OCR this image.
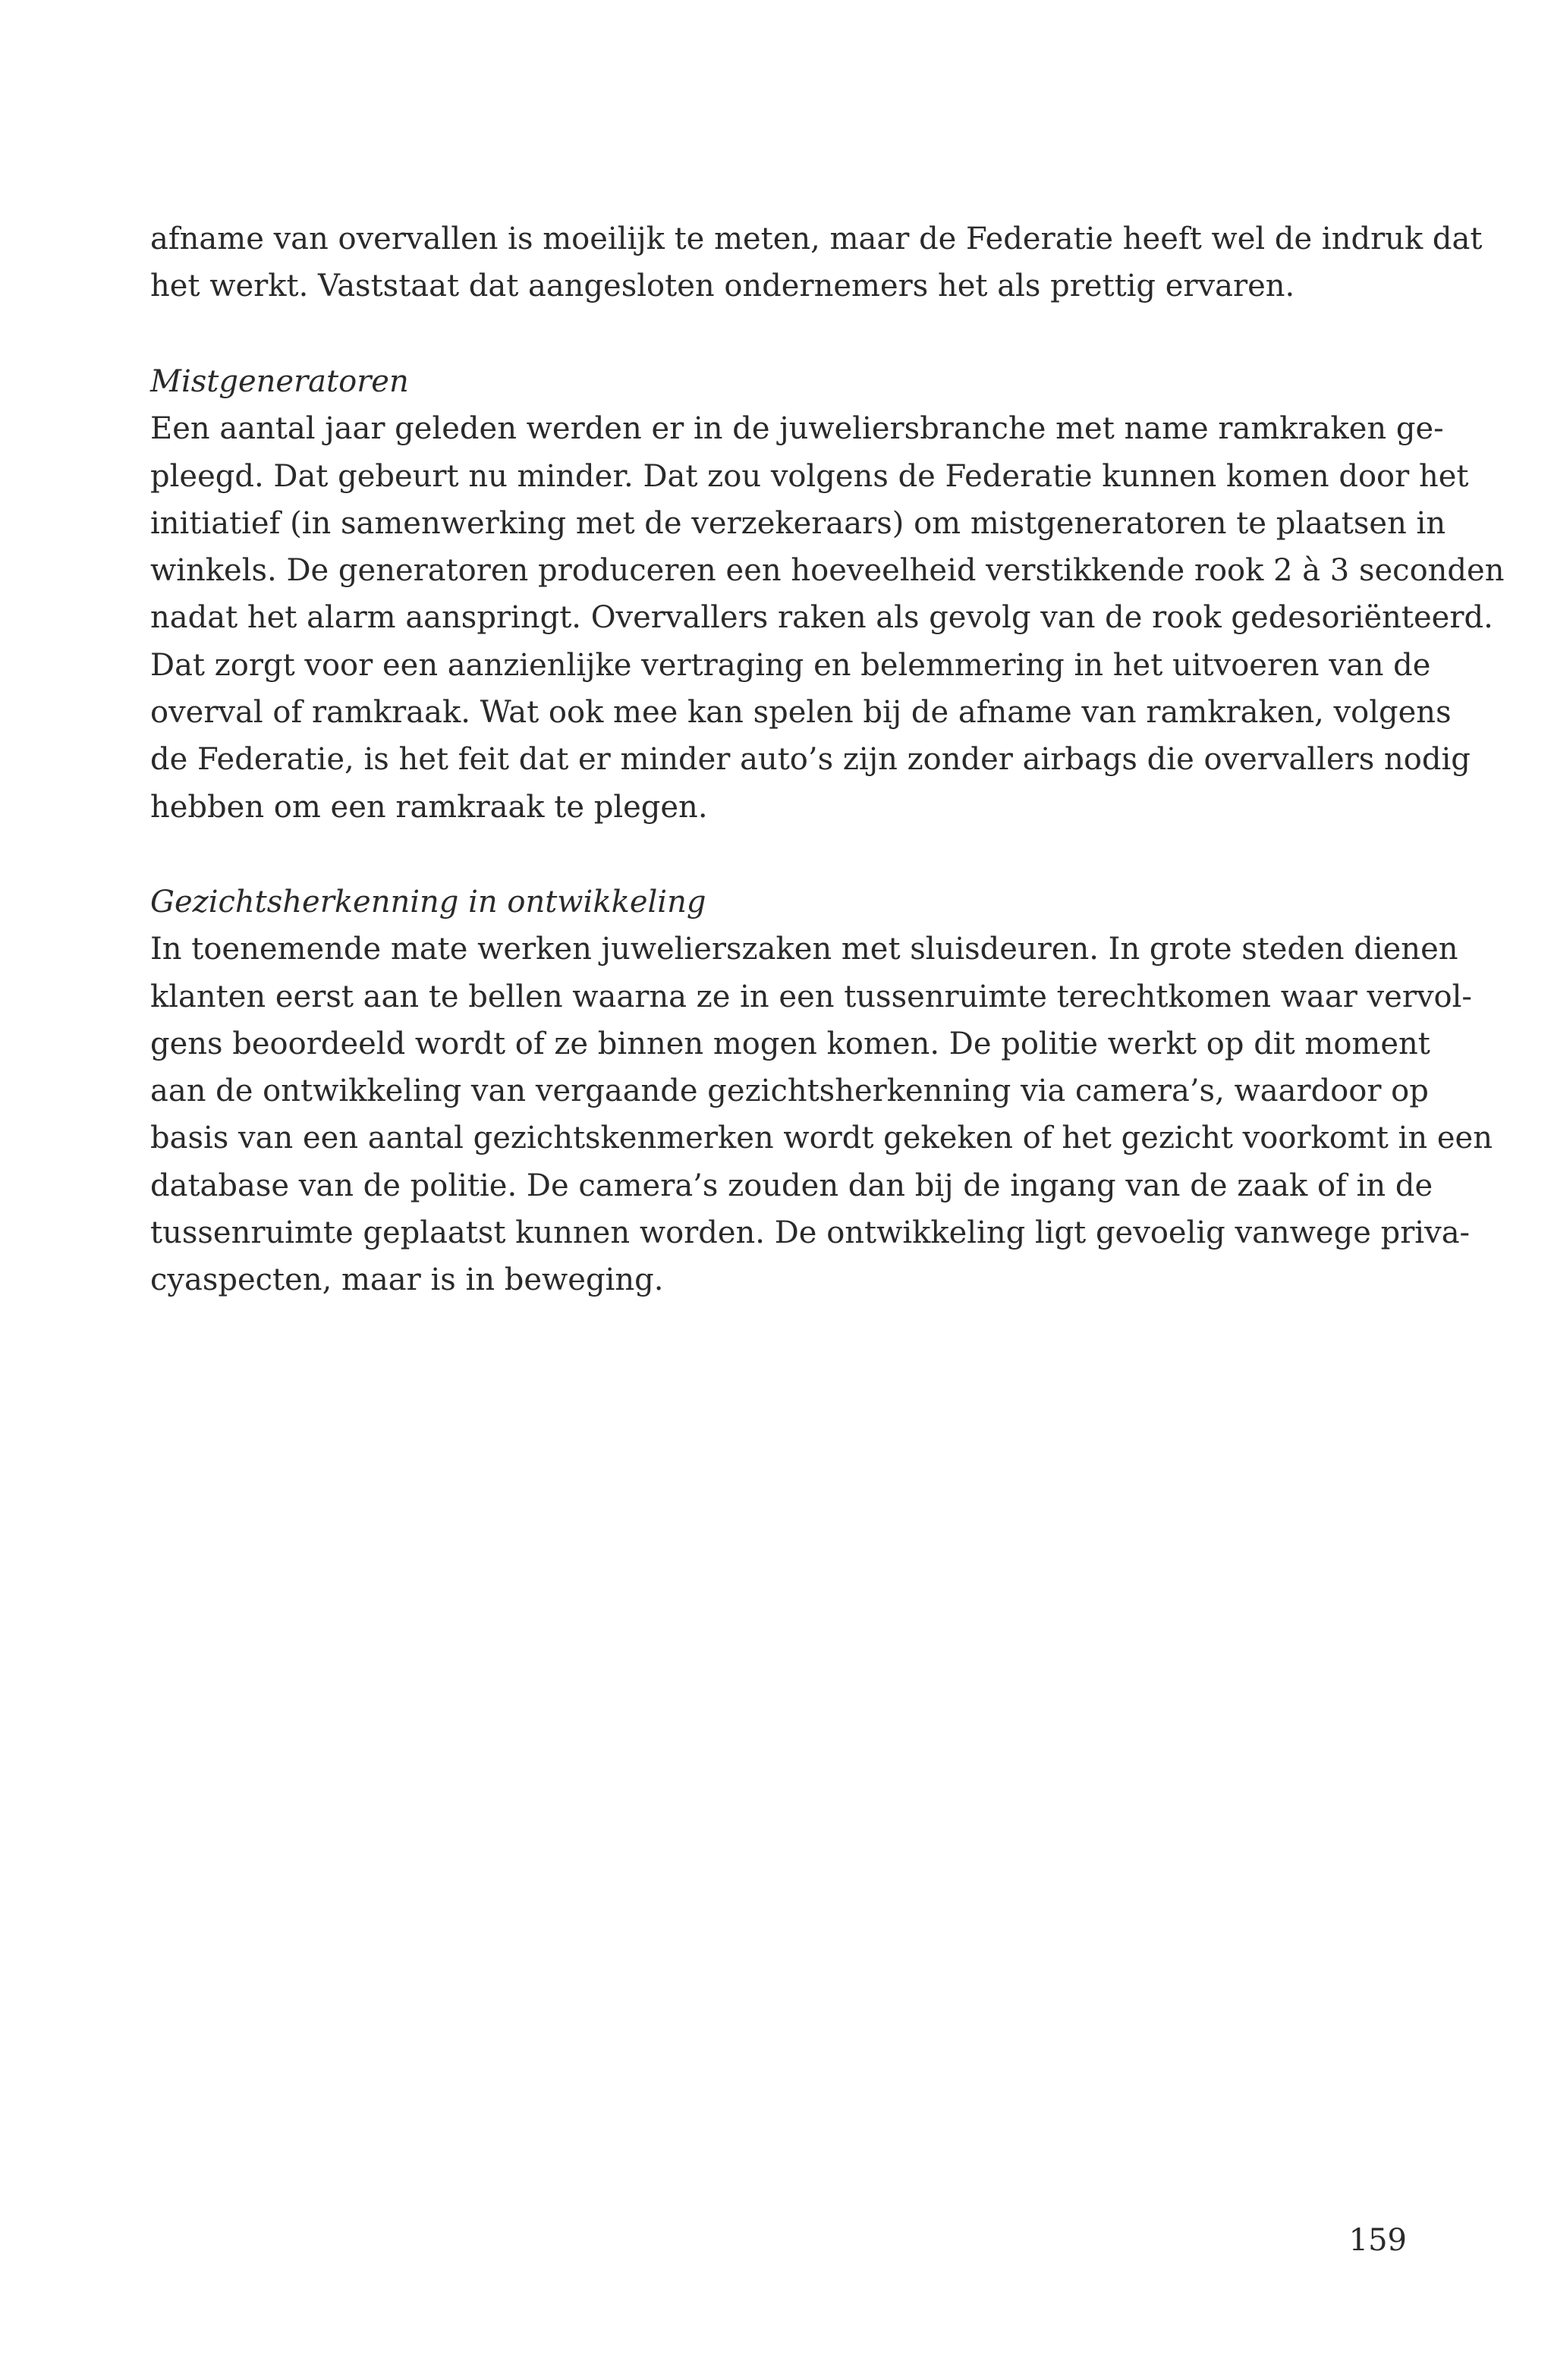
afname van overvallen is moeilijk te meten, maar de Federatie heeft wel de indruk dat
het werkt. Vaststaat dat aangesloten ondernemers het als prettig ervaren.
Mistgeneratoren
Een aantal jaar geleden werden er in de juweliersbranche met name ramkraken ge-
pleegd. Dat gebeurt nu minder. Dat zou volgens de Federatie kunnen komen door het
initiatief (in samenwerking met de verzekeraars) om mistgeneratoren te plaatsen in
winkels. De generatoren produceren een hoeveelheid verstikkende rook 2 à 3 seconden
nadat het alarm aanspringt. Overvallers raken als gevolg van de rook gedesoriënteerd.
Dat zorgt voor een aanzienlijke vertraging en belemmering in het uitvoeren van de
overval of ramkraak. Wat ook mee kan spelen bij de afname van ramkraken, volgens
de Federatie, is het feit dat er minder auto’s zijn zonder airbags die overvallers nodig
hebben om een ramkraak te plegen.
Gezichtsherkenning in ontwikkeling
In toenemende mate werken juwelierszaken met sluisdeuren. In grote steden dienen
klanten eerst aan te bellen waarna ze in een tussenruimte terechtkomen waar vervol-
gens beoordeeld wordt of ze binnen mogen komen. De politie werkt op dit moment
aan de ontwikkeling van vergaande gezichtsherkenning via camera’s, waardoor op
basis van een aantal gezichtskenmerken wordt gekeken of het gezicht voorkomt in een
database van de politie. De camera’s zouden dan bij de ingang van de zaak of in de
tussenruimte geplaatst kunnen worden. De ontwikkeling ligt gevoelig vanwege priva-
cyaspecten, maar is in beweging.
159
